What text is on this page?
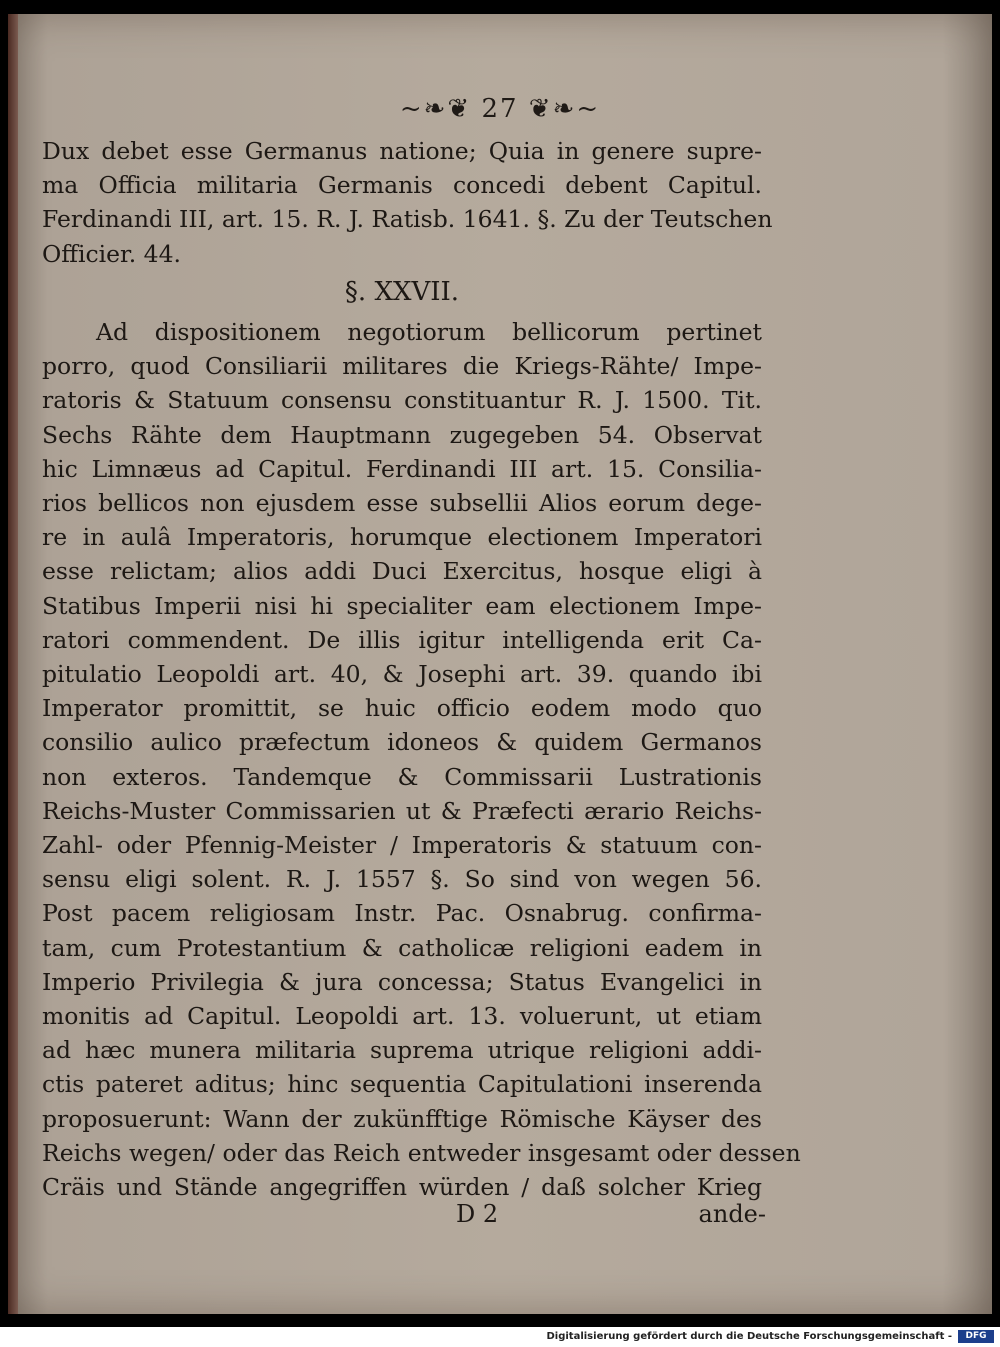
~❧❦ 27 ❦❧~
Dux debet esse Germanus natione; Quia in genere supre-
ma Officia militaria Germanis concedi debent Capitul.
Ferdinandi III, art. 15. R. J. Ratisb. 1641. §. Zu der Teutschen
Officier. 44.
§. XXVII.
Ad dispositionem negotiorum bellicorum pertinet
porro, quod Consiliarii militares die Kriegs-Rähte/ Impe-
ratoris & Statuum consensu constituantur R. J. 1500. Tit.
Sechs Rähte dem Hauptmann zugegeben 54. Observat
hic Limnæus ad Capitul. Ferdinandi III art. 15. Consilia-
rios bellicos non ejusdem esse subsellii Alios eorum dege-
re in aulâ Imperatoris, horumque electionem Imperatori
esse relictam; alios addi Duci Exercitus, hosque eligi à
Statibus Imperii nisi hi specialiter eam electionem Impe-
ratori commendent. De illis igitur intelligenda erit Ca-
pitulatio Leopoldi art. 40, & Josephi art. 39. quando ibi
Imperator promittit, se huic officio eodem modo quo
consilio aulico præfectum idoneos & quidem Germanos
non exteros. Tandemque & Commissarii Lustrationis
Reichs-Muster Commissarien ut & Præfecti ærario Reichs-
Zahl- oder Pfennig-Meister / Imperatoris & statuum con-
sensu eligi solent. R. J. 1557 §. So sind von wegen 56.
Post pacem religiosam Instr. Pac. Osnabrug. confirma-
tam, cum Protestantium & catholicæ religioni eadem in
Imperio Privilegia & jura concessa; Status Evangelici in
monitis ad Capitul. Leopoldi art. 13. voluerunt, ut etiam
ad hæc munera militaria suprema utrique religioni addi-
ctis pateret aditus; hinc sequentia Capitulationi inserenda
proposuerunt: Wann der zukünfftige Römische Käyser des
Reichs wegen/ oder das Reich entweder insgesamt oder dessen
Cräis und Stände angegriffen würden / daß solcher Krieg
D 2	ande-
Digitalisierung gefördert durch die Deutsche Forschungsgemeinschaft -	DFG
